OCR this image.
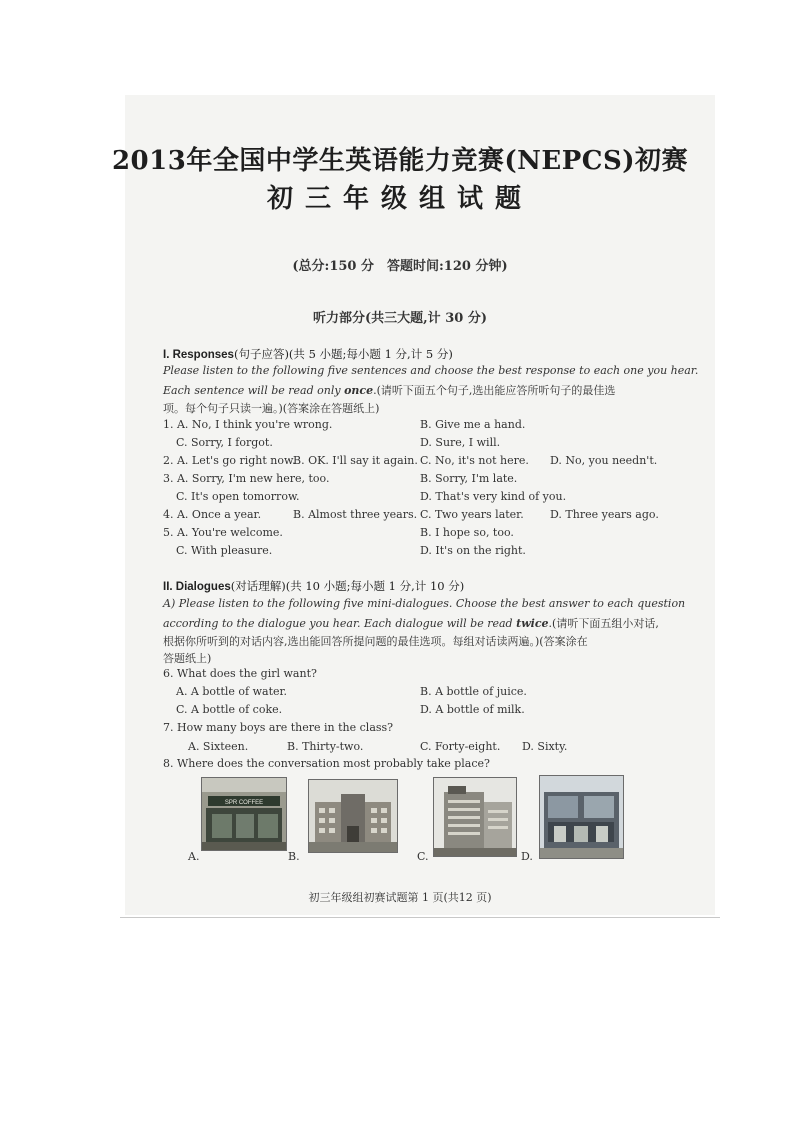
2013年全国中学生英语能力竞赛(NEPCS)初赛
初三年级组试题
(总分:150 分　答题时间:120 分钟)
听力部分(共三大题,计 30 分)
I. Responses(句子应答)(共 5 小题;每小题 1 分,计 5 分)
Please listen to the following five sentences and choose the best response to each one you hear.
Each sentence will be read only once.(请听下面五个句子,选出能应答所听句子的最佳选
项。每个句子只读一遍。)(答案涂在答题纸上)
1. A. No, I think you're wrong.	B. Give me a hand.
C. Sorry, I forgot.	D. Sure, I will.
2. A. Let's go right now.
B. OK. I'll say it again. C. No, it's not here. D. No, you needn't.
3. A. Sorry, I'm new here, too.	B. Sorry, I'm late.
C. It's open tomorrow.	D. That's very kind of you.
4. A. Once a year.	B. Almost three years. C. Two years later. D. Three years ago.
5. A. You're welcome.	B. I hope so, too.
C. With pleasure.	D. It's on the right.
II. Dialogues(对话理解)(共 10 小题;每小题 1 分,计 10 分)
A) Please listen to the following five mini-dialogues. Choose the best answer to each question
according to the dialogue you hear. Each dialogue will be read twice.(请听下面五组小对话,
根据你所听到的对话内容,选出能回答所提问题的最佳选项。每组对话读两遍。)(答案涂在
答题纸上)
6. What does the girl want?
A. A bottle of water.	B. A bottle of juice.
C. A bottle of coke.	D. A bottle of milk.
7. How many boys are there in the class?
A. Sixteen.	B. Thirty-two.	C. Forty-eight. D. Sixty.
8. Where does the conversation most probably take place?
SPR COFFEE
A.	B.	C.	D.
初三年级组初赛试题第 1 页(共12 页)
